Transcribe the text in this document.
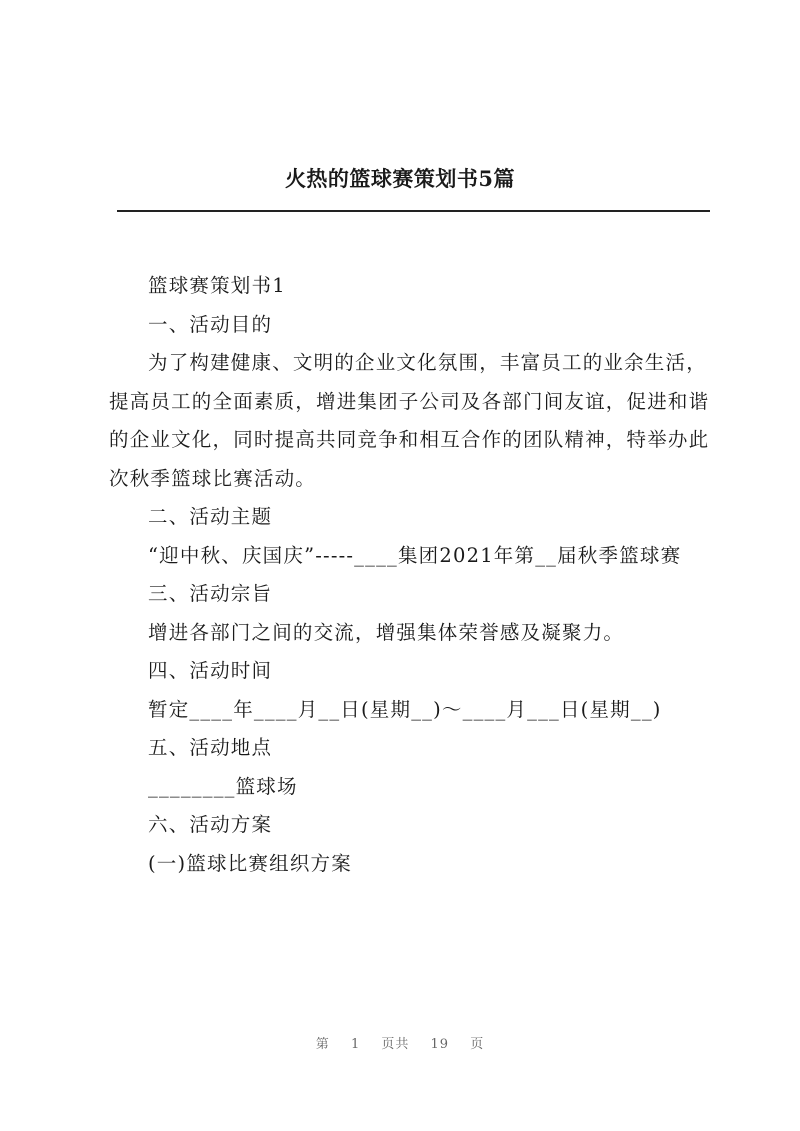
火热的篮球赛策划书5篇

篮球赛策划书1

一、活动目的

为了构建健康、文明的企业文化氛围，丰富员工的业余生活，提高员工的全面素质，增进集团子公司及各部门间友谊，促进和谐的企业文化，同时提高共同竞争和相互合作的团队精神，特举办此次秋季篮球比赛活动。

二、活动主题

“迎中秋、庆国庆”-----____集团2021年第__届秋季篮球赛

三、活动宗旨

增进各部门之间的交流，增强集体荣誉感及凝聚力。

四、活动时间

暂定____年____月__日(星期__)～____月___日(星期__)

五、活动地点

________篮球场

六、活动方案

(一)篮球比赛组织方案

第 1 页共 19 页
